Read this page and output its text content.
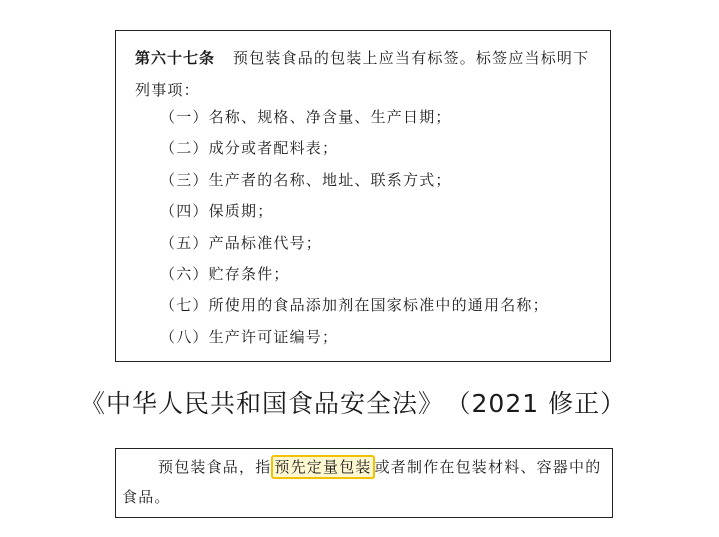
第六十七条 预包装食品的包装上应当有标签。标签应当标明下列事项：

（一）名称、规格、净含量、生产日期；
（二）成分或者配料表；
（三）生产者的名称、地址、联系方式；
（四）保质期；
（五）产品标准代号；
（六）贮存条件；
（七）所使用的食品添加剂在国家标准中的通用名称；
（八）生产许可证编号；

《中华人民共和国食品安全法》 （2021 修正）

预包装食品，指 预先定量包装 或者制作在包装材料、容器中的食品。
